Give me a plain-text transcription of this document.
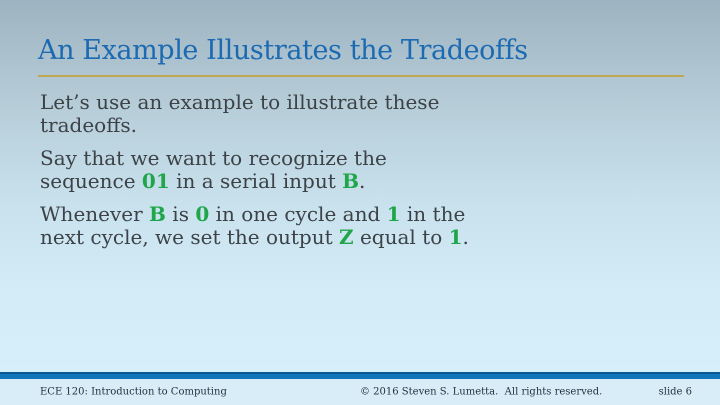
An Example Illustrates the Tradeoffs

Let’s use an example to illustrate these
tradeoffs.

Say that we want to recognize the
sequence 01 in a serial input B.

Whenever B is 0 in one cycle and 1 in the
next cycle, we set the output Z equal to 1.

ECE 120: Introduction to Computing	© 2016 Steven S. Lumetta.  All rights reserved.	slide 6
